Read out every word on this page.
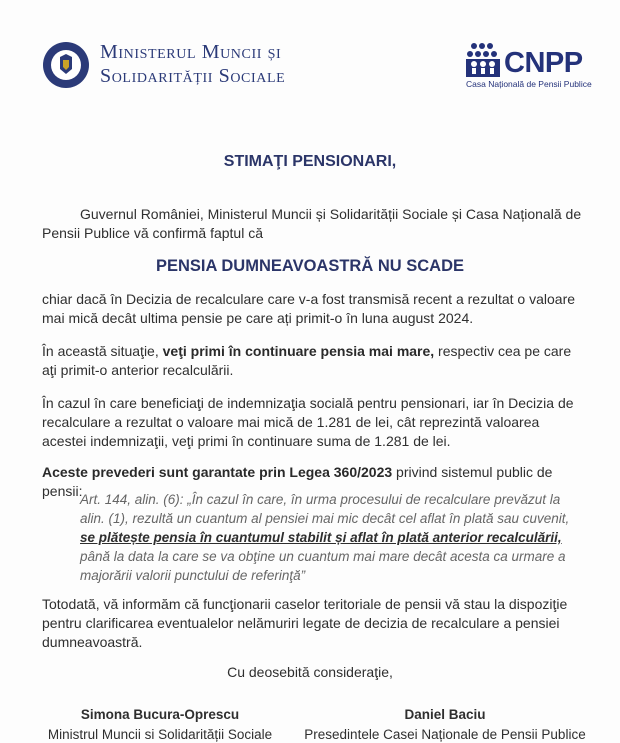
Ministerul Muncii și
Solidarității Sociale	CNPP
Casa Națională de Pensii Publice
STIMAŢI PENSIONARI,
Guvernul României, Ministerul Muncii și Solidarității Sociale și Casa Națională de Pensii Publice vă confirmă faptul că
PENSIA DUMNEAVOASTRĂ NU SCADE
chiar dacă în Decizia de recalculare care v-a fost transmisă recent a rezultat o valoare mai mică decât ultima pensie pe care ați primit-o în luna august 2024.
În această situaţie, veţi primi în continuare pensia mai mare, respectiv cea pe care aţi primit-o anterior recalculării.
În cazul în care beneficiaţi de indemnizaţia socială pentru pensionari, iar în Decizia de recalculare a rezultat o valoare mai mică de 1.281 de lei, cât reprezintă valoarea acestei indemnizaţii, veţi primi în continuare suma de 1.281 de lei.
Aceste prevederi sunt garantate prin Legea 360/2023 privind sistemul public de pensii:
Art. 144, alin. (6): „În cazul în care, în urma procesului de recalculare prevăzut la alin. (1), rezultă un cuantum al pensiei mai mic decât cel aflat în plată sau cuvenit, se plătește pensia în cuantumul stabilit și aflat în plată anterior recalculării, până la data la care se va obţine un cuantum mai mare decât acesta ca urmare a majorării valorii punctului de referinţă”
Totodată, vă informăm că funcţionarii caselor teritoriale de pensii vă stau la dispoziţie pentru clarificarea eventualelor nelămuriri legate de decizia de recalculare a pensiei dumneavoastră.
Cu deosebită consideraţie,
Simona Bucura-Oprescu
Ministrul Muncii si Solidarității Sociale
Daniel Baciu
Presedintele Casei Naționale de Pensii Publice
